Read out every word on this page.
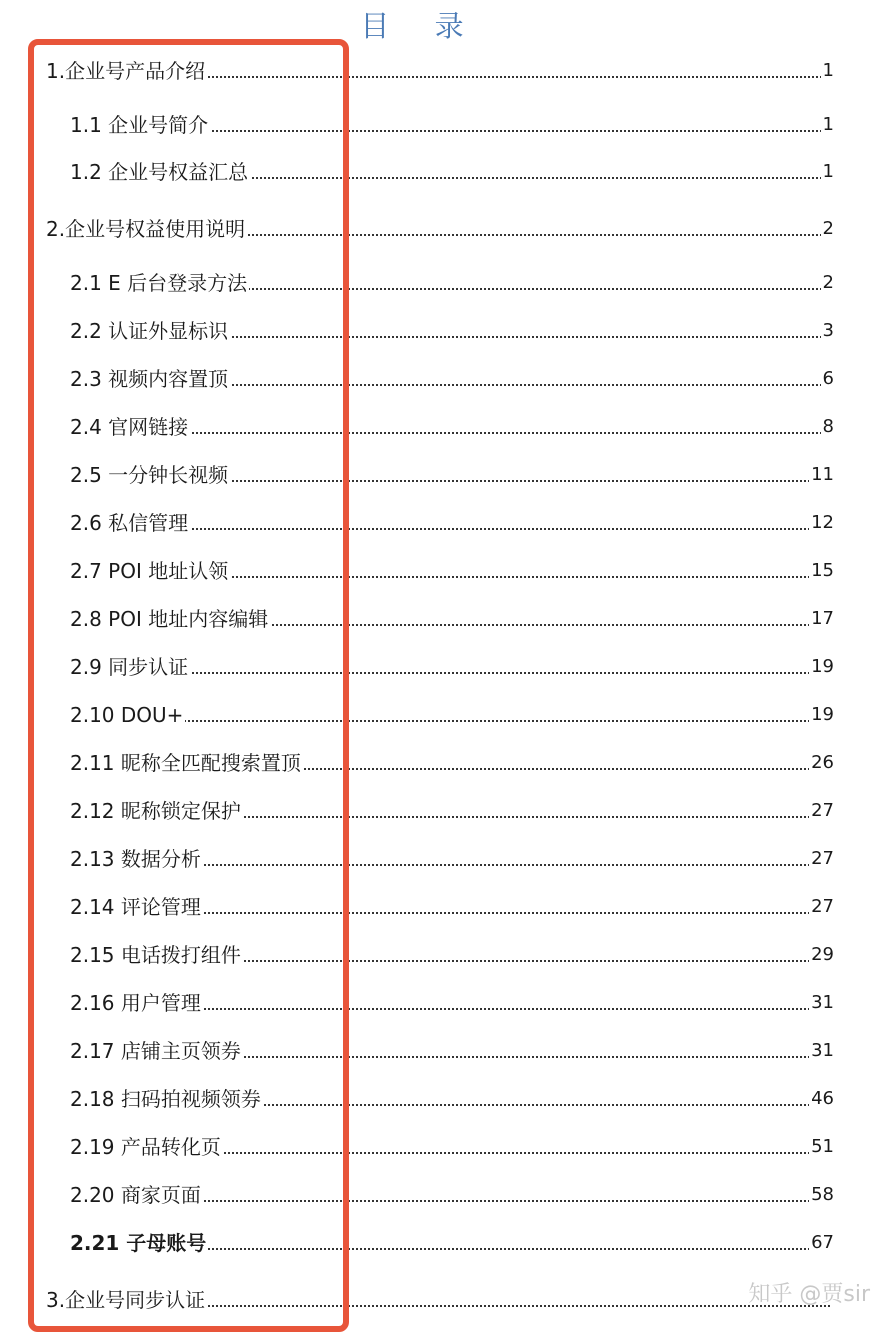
目 录
1.企业号产品介绍	1
1.1 企业号简介	1
1.2 企业号权益汇总	1
2.企业号权益使用说明	2
2.1 E 后台登录方法	2
2.2 认证外显标识	3
2.3 视频内容置顶	6
2.4 官网链接	8
2.5 一分钟长视频	11
2.6 私信管理	12
2.7 POI 地址认领	15
2.8 POI 地址内容编辑	17
2.9 同步认证	19
2.10 DOU+	19
2.11 昵称全匹配搜索置顶	26
2.12 昵称锁定保护	27
2.13 数据分析	27
2.14 评论管理	27
2.15 电话拨打组件	29
2.16 用户管理	31
2.17 店铺主页领券	31
2.18 扫码拍视频领券	46
2.19 产品转化页	51
2.20 商家页面	58
2.21 子母账号	67
3.企业号同步认证	知乎 @贾sir
